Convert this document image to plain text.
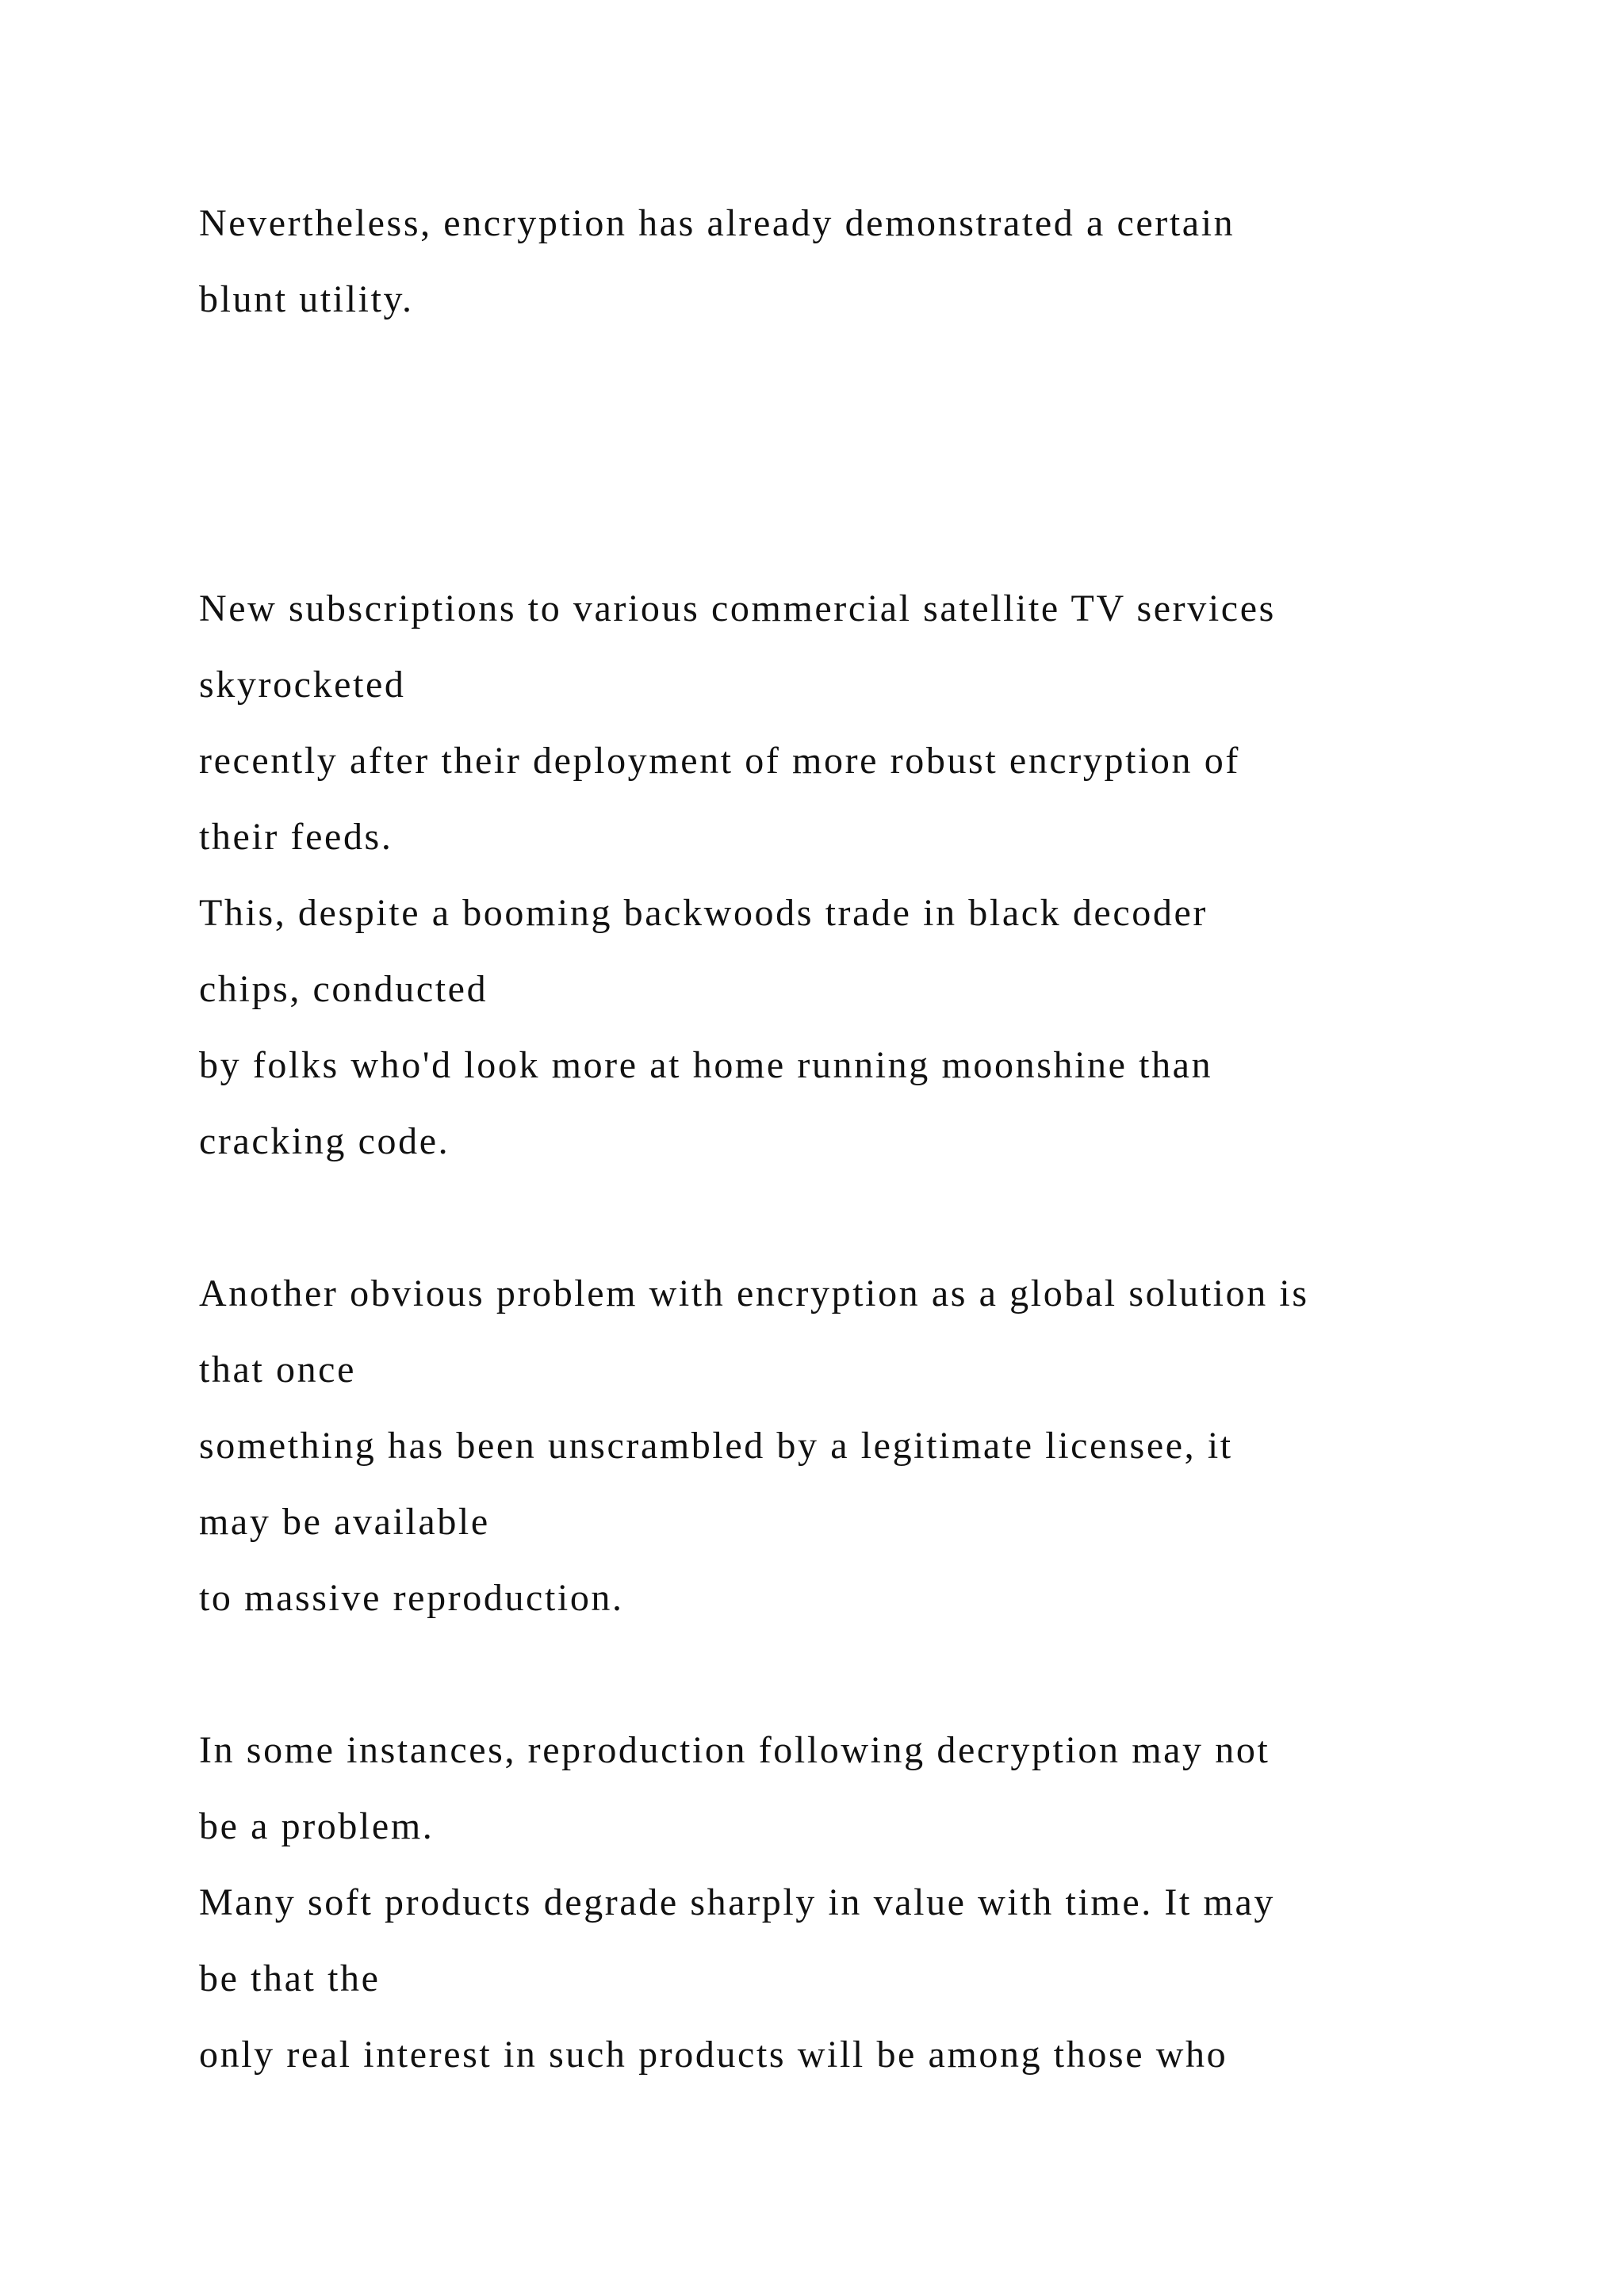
Nevertheless, encryption has already demonstrated a certain
blunt utility.
New subscriptions to various commercial satellite TV services
skyrocketed
recently after their deployment of more robust encryption of
their feeds.
This, despite a booming backwoods trade in black decoder
chips, conducted
by folks who'd look more at home running moonshine than
cracking code.
Another obvious problem with encryption as a global solution is
that once
something has been unscrambled by a legitimate licensee, it
may be available
to massive reproduction.
In some instances, reproduction following decryption may not
be a problem.
Many soft products degrade sharply in value with time. It may
be that the
only real interest in such products will be among those who
